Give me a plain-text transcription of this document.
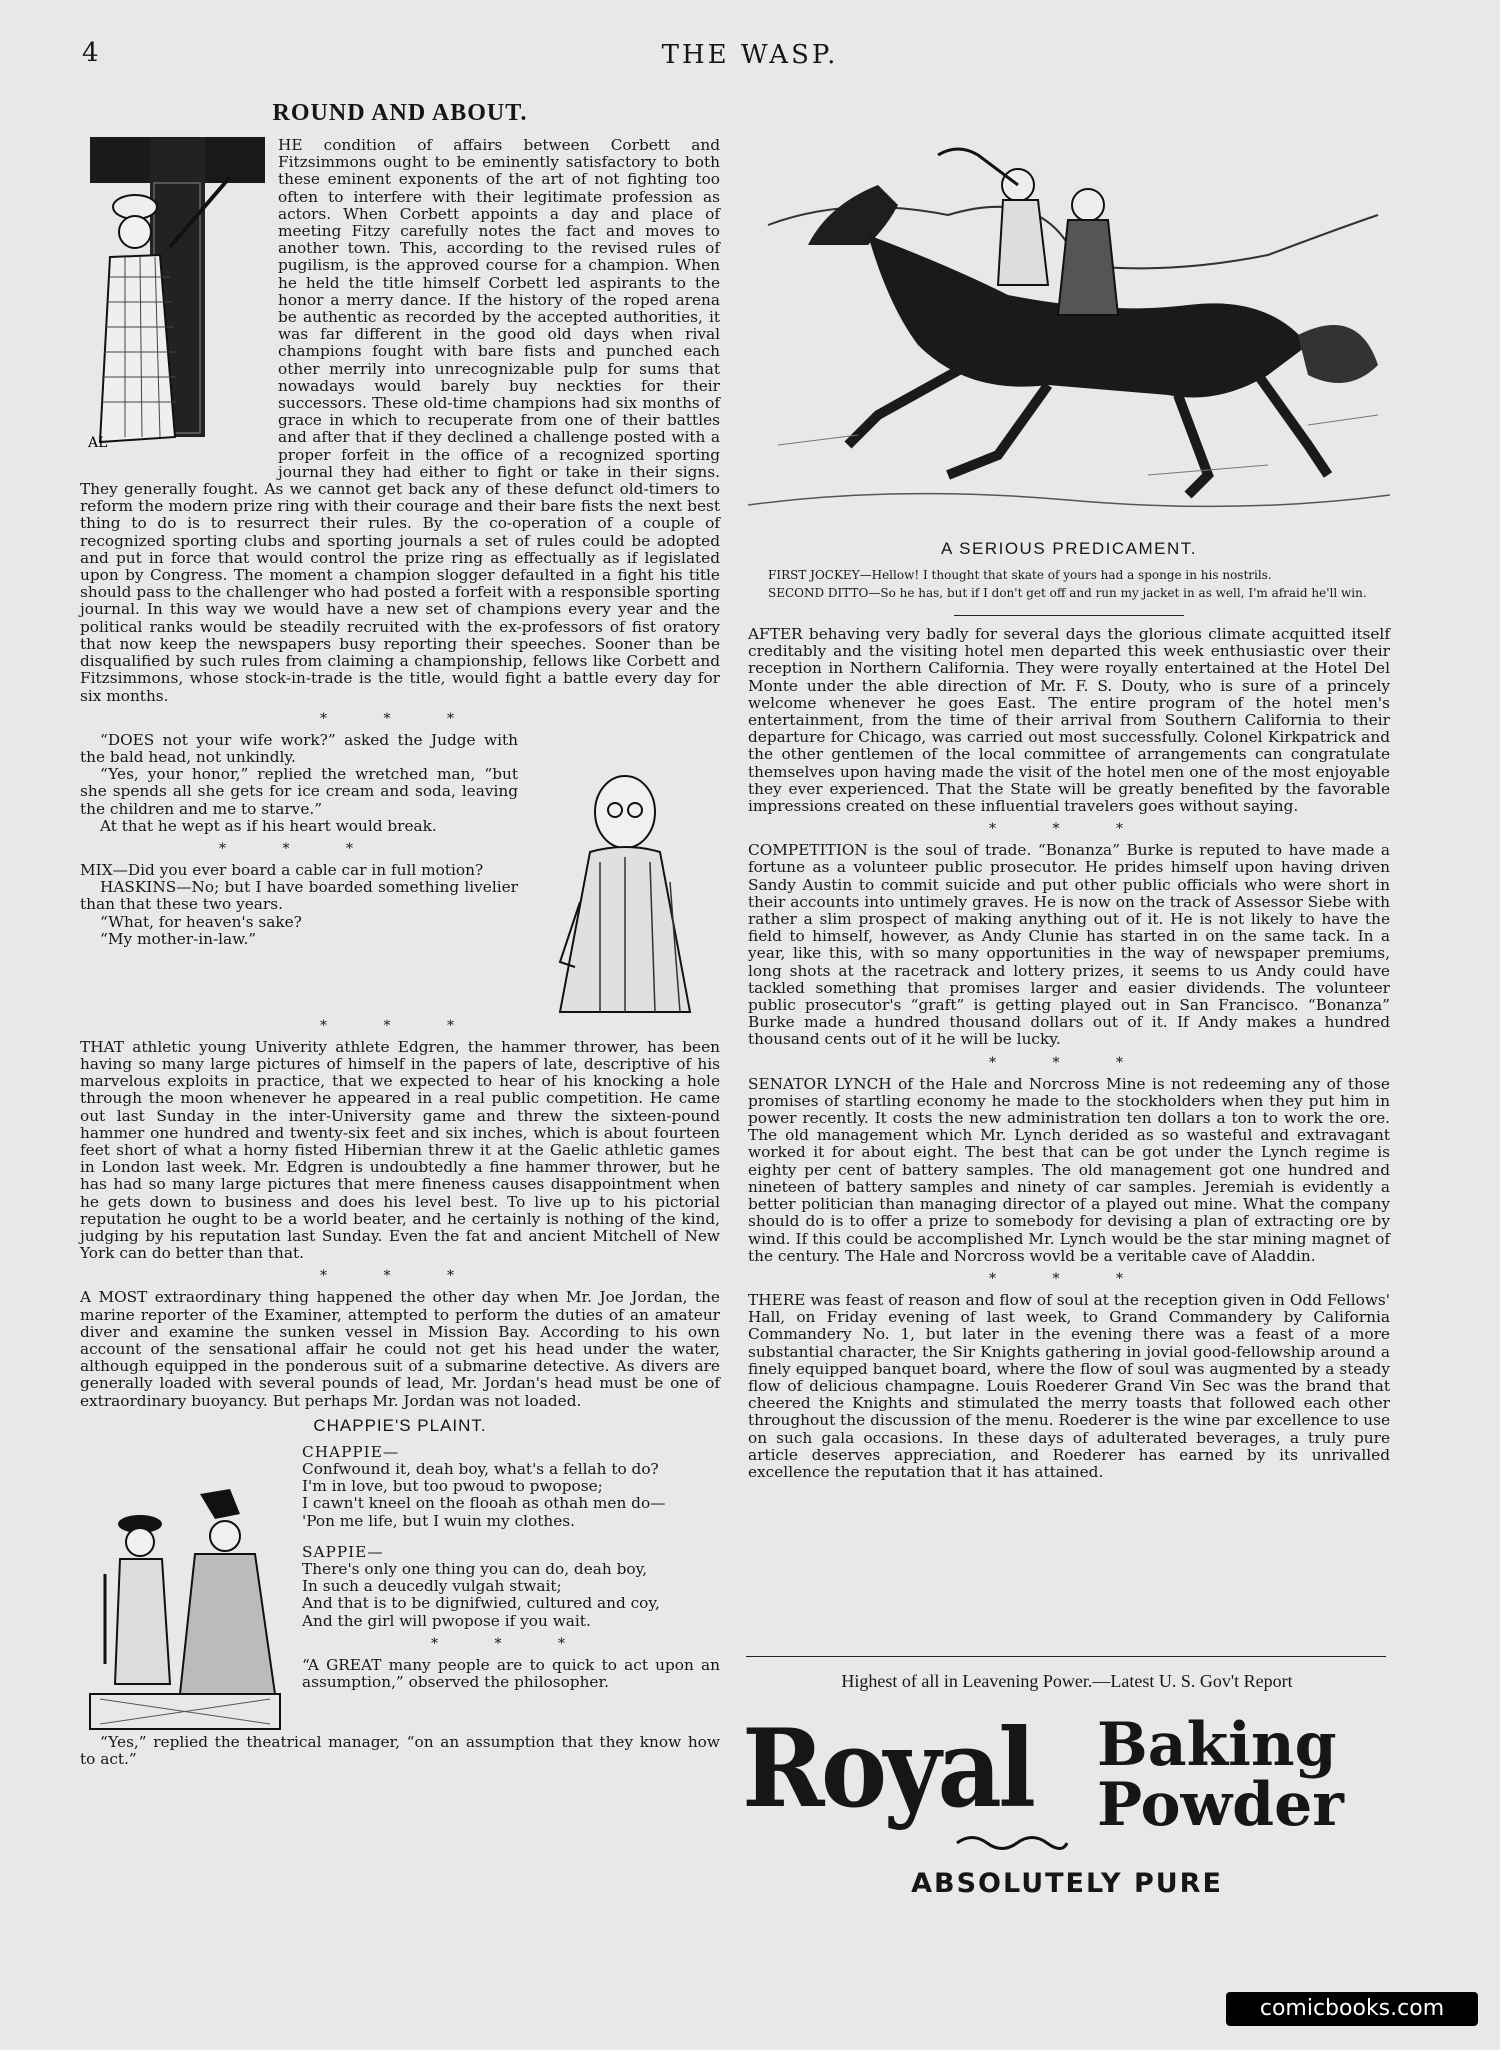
4	THE WASP.
ROUND AND ABOUT.
AL

HE condition of affairs between Corbett and Fitzsimmons ought to be eminently satisfactory to both these eminent exponents of the art of not fighting too often to interfere with their legitimate profession as actors. When Corbett appoints a day and place of meeting Fitzy carefully notes the fact and moves to another town. This, according to the revised rules of pugilism, is the approved course for a champion. When he held the title himself Corbett led aspirants to the honor a merry dance. If the history of the roped arena be authentic as recorded by the accepted authorities, it was far different in the good old days when rival champions fought with bare fists and punched each other merrily into unrecognizable pulp for sums that nowadays would barely buy neckties for their successors. These old-time champions had six months of grace in which to recuperate from one of their battles and after that if they declined a challenge posted with a proper forfeit in the office of a recognized sporting journal they had either to fight or take in their signs. They generally fought. As we cannot get back any of these defunct old-timers to reform the modern prize ring with their courage and their bare fists the next best thing to do is to resurrect their rules. By the co-operation of a couple of recognized sporting clubs and sporting journals a set of rules could be adopted and put in force that would control the prize ring as effectually as if legislated upon by Congress. The moment a champion slogger defaulted in a fight his title should pass to the challenger who had posted a forfeit with a responsible sporting journal. In this way we would have a new set of champions every year and the political ranks would be steadily recruited with the ex-professors of fist oratory that now keep the newspapers busy reporting their speeches. Sooner than be disqualified by such rules from claiming a championship, fellows like Corbett and Fitzsimmons, whose stock-in-trade is the title, would fight a battle every day for six months.

* * *

“DOES not your wife work?” asked the Judge with the bald head, not unkindly.

“Yes, your honor,” replied the wretched man, “but she spends all she gets for ice cream and soda, leaving the children and me to starve.”

At that he wept as if his heart would break.

* * *

MIX—Did you ever board a cable car in full motion?

HASKINS—No; but I have boarded something livelier than that these two years.

“What, for heaven's sake?

“My mother-in-law.”

* * *

THAT athletic young Univerity athlete Edgren, the hammer thrower, has been having so many large pictures of himself in the papers of late, descriptive of his marvelous exploits in practice, that we expected to hear of his knocking a hole through the moon whenever he appeared in a real public competition. He came out last Sunday in the inter-University game and threw the sixteen-pound hammer one hundred and twenty-six feet and six inches, which is about fourteen feet short of what a horny fisted Hibernian threw it at the Gaelic athletic games in London last week. Mr. Edgren is undoubtedly a fine hammer thrower, but he has had so many large pictures that mere fineness causes disappointment when he gets down to business and does his level best. To live up to his pictorial reputation he ought to be a world beater, and he certainly is nothing of the kind, judging by his reputation last Sunday. Even the fat and ancient Mitchell of New York can do better than that.

* * *

A MOST extraordinary thing happened the other day when Mr. Joe Jordan, the marine reporter of the Examiner, attempted to perform the duties of an amateur diver and examine the sunken vessel in Mission Bay. According to his own account of the sensational affair he could not get his head under the water, although equipped in the ponderous suit of a submarine detective. As divers are generally loaded with several pounds of lead, Mr. Jordan's head must be one of extraordinary buoyancy. But perhaps Mr. Jordan was not loaded.

CHAPPIE'S PLAINT.

CHAPPIE—

Confwound it, deah boy, what's a fellah to do?

I'm in love, but too pwoud to pwopose;

I cawn't kneel on the flooah as othah men do—

'Pon me life, but I wuin my clothes.

SAPPIE—

There's only one thing you can do, deah boy,

In such a deucedly vulgah stwait;

And that is to be dignifwied, cultured and coy,

And the girl will pwopose if you wait.

* * *

“A GREAT many people are to quick to act upon an assumption,” observed the philosopher.

“Yes,” replied the theatrical manager, “on an assumption that they know how to act.”

A SERIOUS PREDICAMENT.

FIRST JOCKEY—Hellow! I thought that skate of yours had a sponge in his nostrils.

SECOND DITTO—So he has, but if I don't get off and run my jacket in as well, I'm afraid he'll win.

AFTER behaving very badly for several days the glorious climate acquitted itself creditably and the visiting hotel men departed this week enthusiastic over their reception in Northern California. They were royally entertained at the Hotel Del Monte under the able direction of Mr. F. S. Douty, who is sure of a princely welcome whenever he goes East. The entire program of the hotel men's entertainment, from the time of their arrival from Southern California to their departure for Chicago, was carried out most successfully. Colonel Kirkpatrick and the other gentlemen of the local committee of arrangements can congratulate themselves upon having made the visit of the hotel men one of the most enjoyable they ever experienced. That the State will be greatly benefited by the favorable impressions created on these influential travelers goes without saying.

* * *

COMPETITION is the soul of trade. “Bonanza” Burke is reputed to have made a fortune as a volunteer public prosecutor. He prides himself upon having driven Sandy Austin to commit suicide and put other public officials who were short in their accounts into untimely graves. He is now on the track of Assessor Siebe with rather a slim prospect of making anything out of it. He is not likely to have the field to himself, however, as Andy Clunie has started in on the same tack. In a year, like this, with so many opportunities in the way of newspaper premiums, long shots at the racetrack and lottery prizes, it seems to us Andy could have tackled something that promises larger and easier dividends. The volunteer public prosecutor's “graft” is getting played out in San Francisco. “Bonanza” Burke made a hundred thousand dollars out of it. If Andy makes a hundred thousand cents out of it he will be lucky.

* * *

SENATOR LYNCH of the Hale and Norcross Mine is not redeeming any of those promises of startling economy he made to the stockholders when they put him in power recently. It costs the new administration ten dollars a ton to work the ore. The old management which Mr. Lynch derided as so wasteful and extravagant worked it for about eight. The best that can be got under the Lynch regime is eighty per cent of battery samples. The old management got one hundred and nineteen of battery samples and ninety of car samples. Jeremiah is evidently a better politician than managing director of a played out mine. What the company should do is to offer a prize to somebody for devising a plan of extracting ore by wind. If this could be accomplished Mr. Lynch would be the star mining magnet of the century. The Hale and Norcross wovld be a veritable cave of Aladdin.

* * *

THERE was feast of reason and flow of soul at the reception given in Odd Fellows' Hall, on Friday evening of last week, to Grand Commandery by California Commandery No. 1, but later in the evening there was a feast of a more substantial character, the Sir Knights gathering in jovial good-fellowship around a finely equipped banquet board, where the flow of soul was augmented by a steady flow of delicious champagne. Louis Roederer Grand Vin Sec was the brand that cheered the Knights and stimulated the merry toasts that followed each other throughout the discussion of the menu. Roederer is the wine par excellence to use on such gala occasions. In these days of adulterated beverages, a truly pure article deserves appreciation, and Roederer has earned by its unrivalled excellence the reputation that it has attained.

Highest of all in Leavening Power.—Latest U. S. Gov't Report
Royal Baking
Powder
ABSOLUTELY PURE
comicbooks.com
